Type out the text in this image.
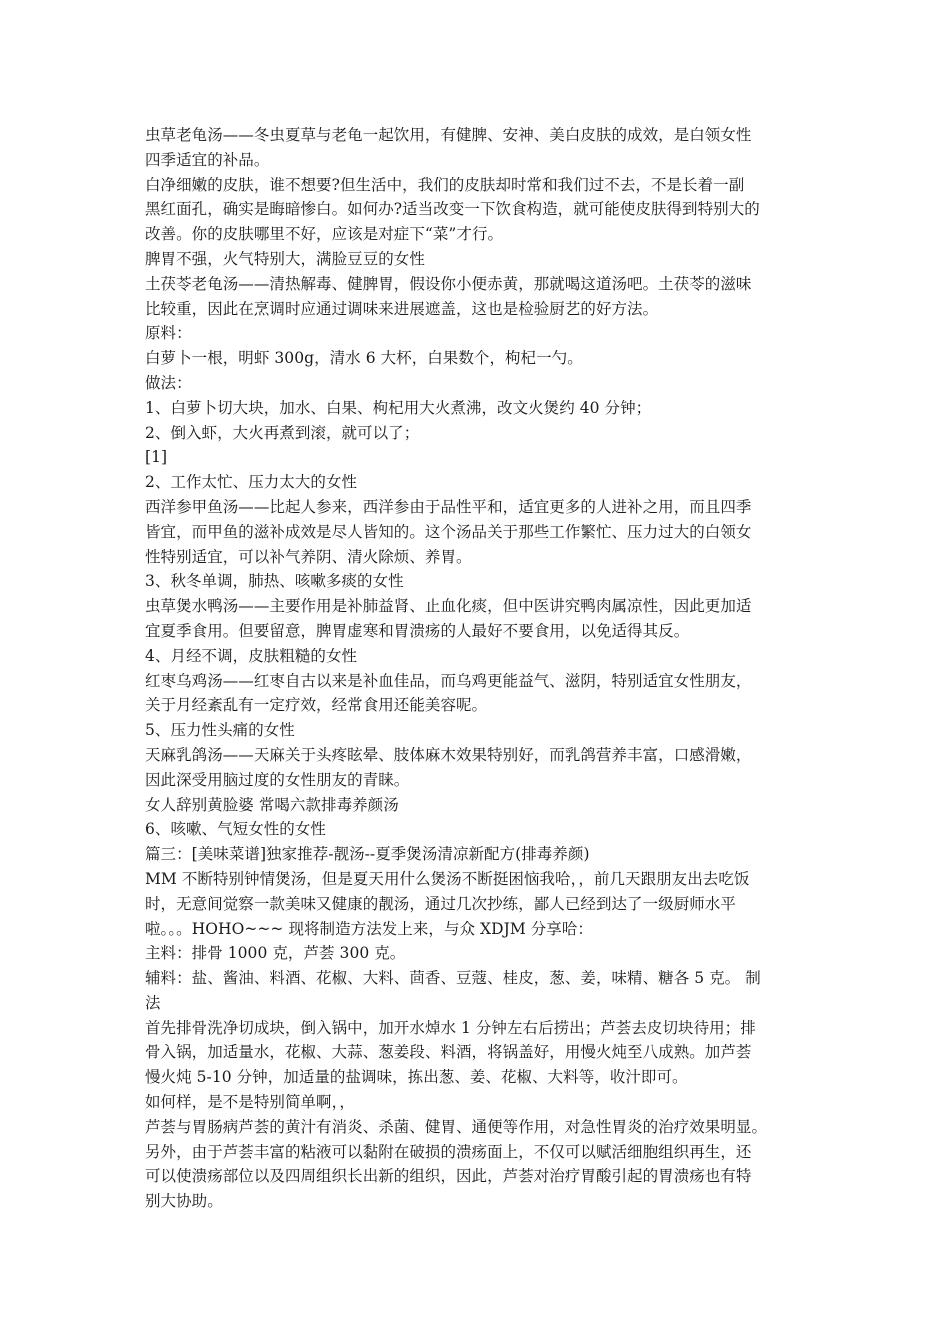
虫草老龟汤——冬虫夏草与老龟一起饮用，有健脾、安神、美白皮肤的成效，是白领女性
四季适宜的补品。
白净细嫩的皮肤，谁不想要?但生活中，我们的皮肤却时常和我们过不去，不是长着一副
黑红面孔，确实是晦暗惨白。如何办?适当改变一下饮食构造，就可能使皮肤得到特别大的
改善。你的皮肤哪里不好，应该是对症下“菜”才行。
脾胃不强，火气特别大，满脸豆豆的女性
土茯苓老龟汤——清热解毒、健脾胃，假设你小便赤黄，那就喝这道汤吧。土茯苓的滋味
比较重，因此在烹调时应通过调味来进展遮盖，这也是检验厨艺的好方法。
原料：
白萝卜一根，明虾 300g，清水 6 大杯，白果数个，枸杞一勺。
做法：
1、白萝卜切大块，加水、白果、枸杞用大火煮沸，改文火煲约 40 分钟；
2、倒入虾，大火再煮到滚，就可以了；
[1]
2、工作太忙、压力太大的女性
西洋参甲鱼汤——比起人参来，西洋参由于品性平和，适宜更多的人进补之用，而且四季
皆宜，而甲鱼的滋补成效是尽人皆知的。这个汤品关于那些工作繁忙、压力过大的白领女
性特别适宜，可以补气养阴、清火除烦、养胃。
3、秋冬单调，肺热、咳嗽多痰的女性
虫草煲水鸭汤——主要作用是补肺益肾、止血化痰，但中医讲究鸭肉属凉性，因此更加适
宜夏季食用。但要留意，脾胃虚寒和胃溃疡的人最好不要食用，以免适得其反。
4、月经不调，皮肤粗糙的女性
红枣乌鸡汤——红枣自古以来是补血佳品，而乌鸡更能益气、滋阴，特别适宜女性朋友，
关于月经紊乱有一定疗效，经常食用还能美容呢。
5、压力性头痛的女性
天麻乳鸽汤——天麻关于头疼眩晕、肢体麻木效果特别好，而乳鸽营养丰富，口感滑嫩，
因此深受用脑过度的女性朋友的青睐。
女人辞别黄脸婆 常喝六款排毒养颜汤
6、咳嗽、气短女性的女性
篇三：[美味菜谱]独家推荐-靓汤--夏季煲汤清凉新配方(排毒养颜)
MM 不断特别钟情煲汤，但是夏天用什么煲汤不断挺困恼我哈，，前几天跟朋友出去吃饭
时，无意间觉察一款美味又健康的靓汤，通过几次抄练，鄙人已经到达了一级厨师水平
啦。。。HOHO~~~ 现将制造方法发上来，与众 XDJM 分享哈：
主料：排骨 1000 克，芦荟 300 克。
辅料：盐、酱油、料酒、花椒、大料、茴香、豆蔻、桂皮，葱、姜，味精、糖各 5 克。 制
法
首先排骨洗净切成块，倒入锅中，加开水焯水 1 分钟左右后捞出；芦荟去皮切块待用；排
骨入锅，加适量水，花椒、大蒜、葱姜段、料酒，将锅盖好，用慢火炖至八成熟。加芦荟
慢火炖 5-10 分钟，加适量的盐调味，拣出葱、姜、花椒、大料等，收汁即可。
如何样，是不是特别简单啊，，
芦荟与胃肠病芦荟的黄汁有消炎、杀菌、健胃、通便等作用，对急性胃炎的治疗效果明显。
另外，由于芦荟丰富的粘液可以黏附在破损的溃疡面上，不仅可以赋活细胞组织再生，还
可以使溃疡部位以及四周组织长出新的组织，因此，芦荟对治疗胃酸引起的胃溃疡也有特
别大协助。
